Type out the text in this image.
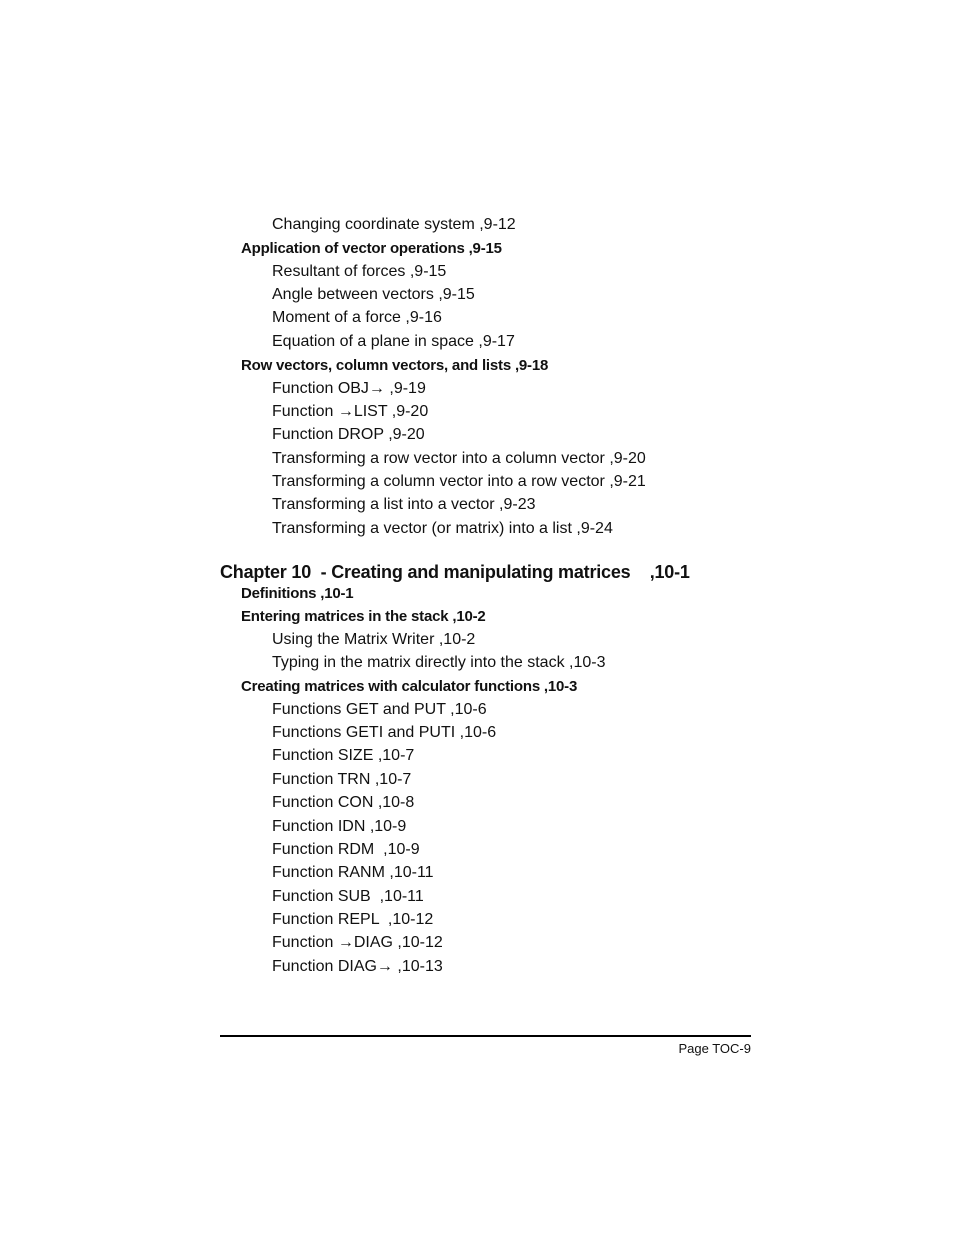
Changing coordinate system ,9-12
Application of vector operations ,9-15
Resultant of forces ,9-15
Angle between vectors ,9-15
Moment of a force ,9-16
Equation of a plane in space ,9-17
Row vectors, column vectors, and lists ,9-18
Function OBJ→ ,9-19
Function →LIST ,9-20
Function DROP ,9-20
Transforming a row vector into a column vector ,9-20
Transforming a column vector into a row vector ,9-21
Transforming a list into a vector ,9-23
Transforming a vector (or matrix) into a list ,9-24
Chapter 10  - Creating and manipulating matrices    ,10-1
Definitions ,10-1
Entering matrices in the stack ,10-2
Using the Matrix Writer ,10-2
Typing in the matrix directly into the stack ,10-3
Creating matrices with calculator functions ,10-3
Functions GET and PUT ,10-6
Functions GETI and PUTI ,10-6
Function SIZE ,10-7
Function TRN ,10-7
Function CON ,10-8
Function IDN ,10-9
Function RDM  ,10-9
Function RANM ,10-11
Function SUB  ,10-11
Function REPL  ,10-12
Function →DIAG ,10-12
Function DIAG→ ,10-13
Page TOC-9
